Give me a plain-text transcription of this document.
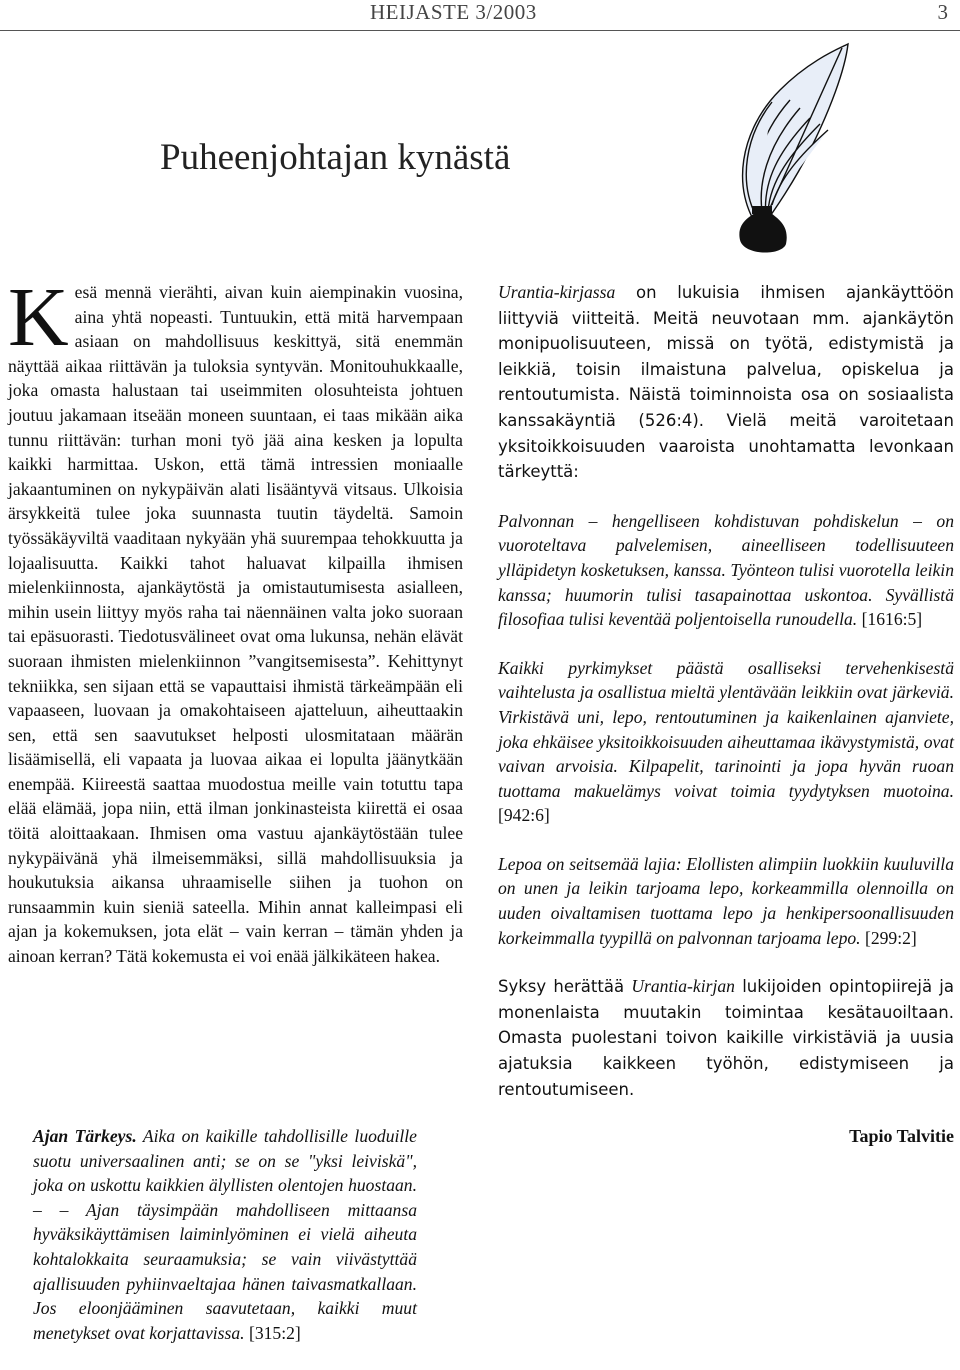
HEIJASTE 3/2003	3
Puheenjohtajan kynästä
K esä mennä vierähti, aivan kuin aiempinakin vuosina, aina yhtä nopeasti. Tuntuukin, että mitä harvempaan asiaan on mahdollisuus keskittyä, sitä enemmän näyttää aikaa riittävän ja tuloksia syntyvän. Monitouhukkaalle, joka omasta halustaan tai useimmiten olosuhteista johtuen joutuu jakamaan itseään moneen suuntaan, ei taas mikään aika tunnu riittävän: turhan moni työ jää aina kesken ja lopulta kaikki harmittaa. Uskon, että tämä intressien moniaalle jakaantuminen on nykypäivän alati lisääntyvä vitsaus. Ulkoisia ärsykkeitä tulee joka suunnasta tuutin täydeltä. Samoin työssäkäyviltä vaaditaan nykyään yhä suurempaa tehokkuutta ja lojaalisuutta. Kaikki tahot haluavat kilpailla ihmisen mielenkiinnosta, ajankäytöstä ja omistautumisesta asialleen, mihin usein liittyy myös raha tai näennäinen valta joko suoraan tai epäsuorasti. Tiedotusvälineet ovat oma lukunsa, nehän elävät suoraan ihmisten mielenkiinnon ”vangitsemisesta”. Kehittynyt tekniikka, sen sijaan että se vapauttaisi ihmistä tärkeämpään eli vapaaseen, luovaan ja omakohtaiseen ajatteluun, aiheuttaakin sen, että sen saavutukset helposti ulosmitataan määrän lisäämisellä, eli vapaata ja luovaa aikaa ei lopulta jäänytkään enempää. Kiireestä saattaa muodostua meille vain totuttu tapa elää elämää, jopa niin, että ilman jonkinasteista kiirettä ei osaa töitä aloittaakaan. Ihmisen oma vastuu ajankäytöstään tulee nykypäivänä yhä ilmeisemmäksi, sillä mahdollisuuksia ja houkutuksia aikansa uhraamiselle siihen ja tuohon on runsaammin kuin sieniä sateella. Mihin annat kalleimpasi eli ajan ja kokemuksen, jota elät – vain kerran – tämän yhden ja ainoan kerran? Tätä kokemusta ei voi enää jälkikäteen hakea.

Ajan Tärkeys. Aika on kaikille tahdollisille luoduille suotu universaalinen anti; se on se "yksi leiviskä", joka on uskottu kaikkien älyllisten olentojen huostaan. – – Ajan täysimpään mahdolliseen mittaansa hyväksikäyttämisen laiminlyöminen ei vielä aiheuta kohtalokkaita seuraamuksia; se vain viivästyttää ajallisuuden pyhiinvaeltajaa hänen taivasmatkallaan. Jos eloonjääminen saavutetaan, kaikki muut menetykset ovat korjattavissa. [315:2]

Urantia-kirjassa on lukuisia ihmisen ajankäyttöön liittyviä viitteitä. Meitä neuvotaan mm. ajankäytön monipuolisuuteen, missä on työtä, edistymistä ja leikkiä, toisin ilmaistuna palvelua, opiskelua ja rentoutumista. Näistä toiminnoista osa on sosiaalista kanssakäyntiä (526:4). Vielä meitä varoitetaan yksitoikkoisuuden vaaroista unohtamatta levonkaan tärkeyttä:

Palvonnan – hengelliseen kohdistuvan pohdiskelun – on vuoroteltava palvelemisen, aineelliseen todellisuuteen ylläpidetyn kosketuksen, kanssa. Työnteon tulisi vuorotella leikin kanssa; huumorin tulisi tasapainottaa uskontoa. Syvällistä filosofiaa tulisi keventää poljentoisella runoudella. [1616:5]

Kaikki pyrkimykset päästä osalliseksi tervehenkisestä vaihtelusta ja osallistua mieltä ylentävään leikkiin ovat järkeviä. Virkistävä uni, lepo, rentoutuminen ja kaikenlainen ajanviete, joka ehkäisee yksitoikkoisuuden aiheuttamaa ikävystymistä, ovat vaivan arvoisia. Kilpapelit, tarinointi ja jopa hyvän ruoan tuottama makuelämys voivat toimia tyydytyksen muotoina. [942:6]

Lepoa on seitsemää lajia: Elollisten alimpiin luokkiin kuuluvilla on unen ja leikin tarjoama lepo, korkeammilla olennoilla on uuden oivaltamisen tuottama lepo ja henkipersoonallisuuden korkeimmalla tyypillä on palvonnan tarjoama lepo. [299:2]

Syksy herättää Urantia-kirjan lukijoiden opintopiirejä ja monenlaista muutakin toimintaa kesätauoiltaan. Omasta puolestani toivon kaikille virkistäviä ja uusia ajatuksia kaikkeen työhön, edistymiseen ja rentoutumiseen.

Tapio Talvitie
